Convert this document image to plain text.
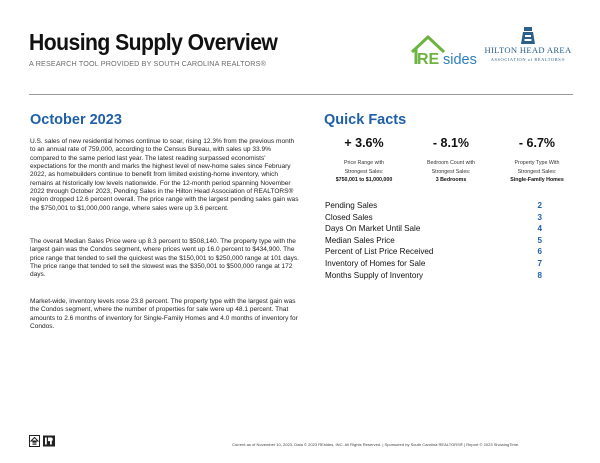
Housing Supply Overview
A RESEARCH TOOL PROVIDED BY SOUTH CAROLINA REALTORS®	RE sides
HILTON HEAD AREA
ASSOCIATION of REALTORS®
October 2023

U.S. sales of new residential homes continue to soar, rising 12.3% from the previous month to an annual rate of 759,000, according to the Census Bureau, with sales up 33.9% compared to the same period last year. The latest reading surpassed economists' expectations for the month and marks the highest level of new-home sales since February 2022, as homebuilders continue to benefit from limited existing-home inventory, which remains at historically low levels nationwide. For the 12-month period spanning November 2022 through October 2023, Pending Sales in the Hilton Head Association of REALTORS® region dropped 12.6 percent overall. The price range with the largest pending sales gain was the $750,001 to $1,000,000 range, where sales were up 3.6 percent.

The overall Median Sales Price were up 8.3 percent to $508,140. The property type with the largest gain was the Condos segment, where prices went up 16.0 percent to $434,900. The price range that tended to sell the quickest was the $150,001 to $250,000 range at 101 days. The price range that tended to sell the slowest was the $350,001 to $500,000 range at 172 days.

Market-wide, inventory levels rose 23.8 percent. The property type with the largest gain was the Condos segment, where the number of properties for sale were up 48.1 percent. That amounts to 2.6 months of inventory for Single-Family Homes and 4.0 months of inventory for Condos.

Quick Facts
+ 3.6%
Price Range with
Strongest Sales:
$750,001 to $1,000,000
- 8.1%
Bedroom Count with
Strongest Sales:
3 Bedrooms
- 6.7%
Property Type With
Strongest Sales:
Single-Family Homes
Pending Sales	2
Closed Sales	3
Days On Market Until Sale	4
Median Sales Price	5
Percent of List Price Received	6
Inventory of Homes for Sale	7
Months Supply of Inventory	8
Current as of November 10, 2023. Data © 2023 REsides, INC. All Rights Reserved. | Sponsored by South Carolina REALTORS® | Report © 2023 ShowingTime.
